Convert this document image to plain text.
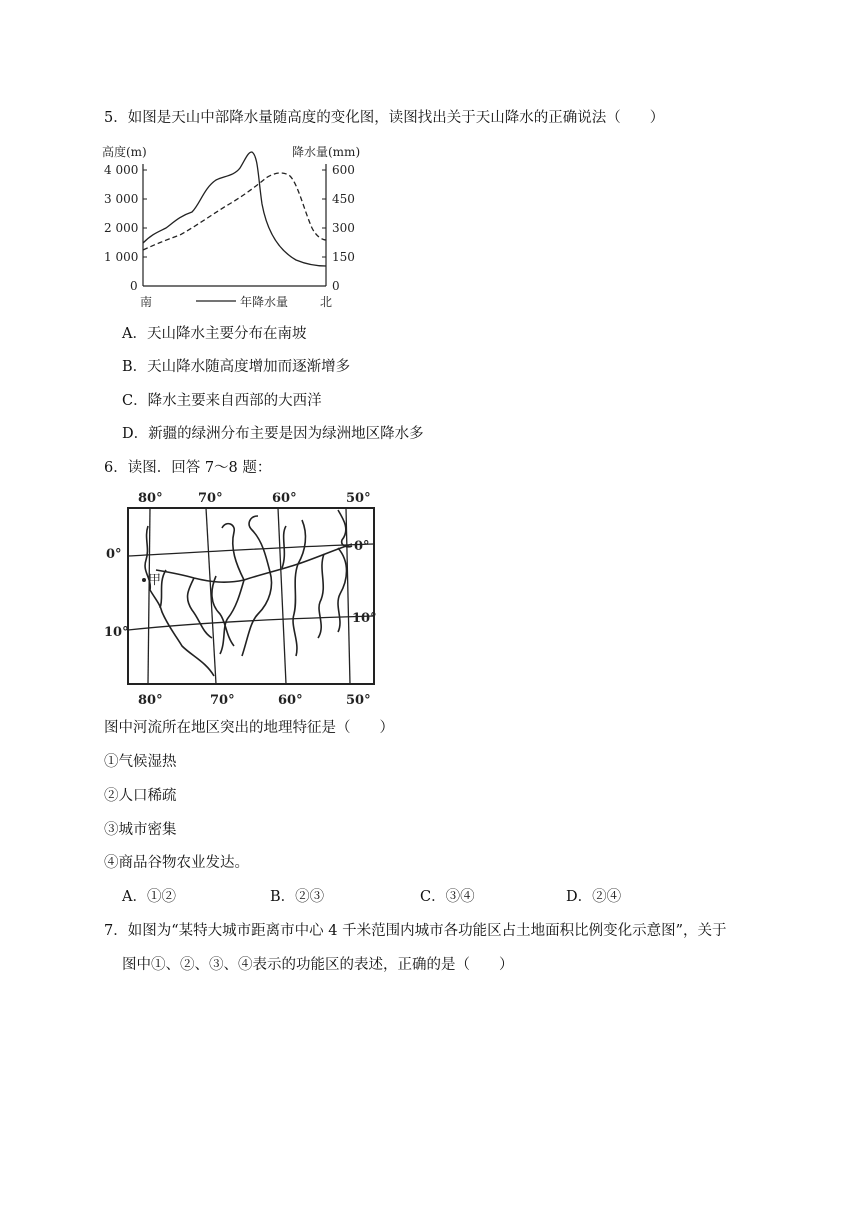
5．如图是天山中部降水量随高度的变化图，读图找出关于天山降水的正确说法（　　）
高度(m)	降水量(mm)
4 000
3 000
2 000
1 000
0
600
450
300
150
0
南	年降水量	北
A．天山降水主要分布在南坡
B．天山降水随高度增加而逐渐增多
C．降水主要来自西部的大西洋
D．新疆的绿洲分布主要是因为绿洲地区降水多
6．读图．回答 7～8 题：
80°	70°	60°	50°
0°
10°
0°
10°
甲
80°	70°	60°	50°
图中河流所在地区突出的地理特征是（　　）
①气候湿热
②人口稀疏
③城市密集
④商品谷物农业发达。
A．①②	B．②③	C．③④	D．②④
7．如图为“某特大城市距离市中心 4 千米范围内城市各功能区占土地面积比例变化示意图”，关于
图中①、②、③、④表示的功能区的表述，正确的是（　　）
